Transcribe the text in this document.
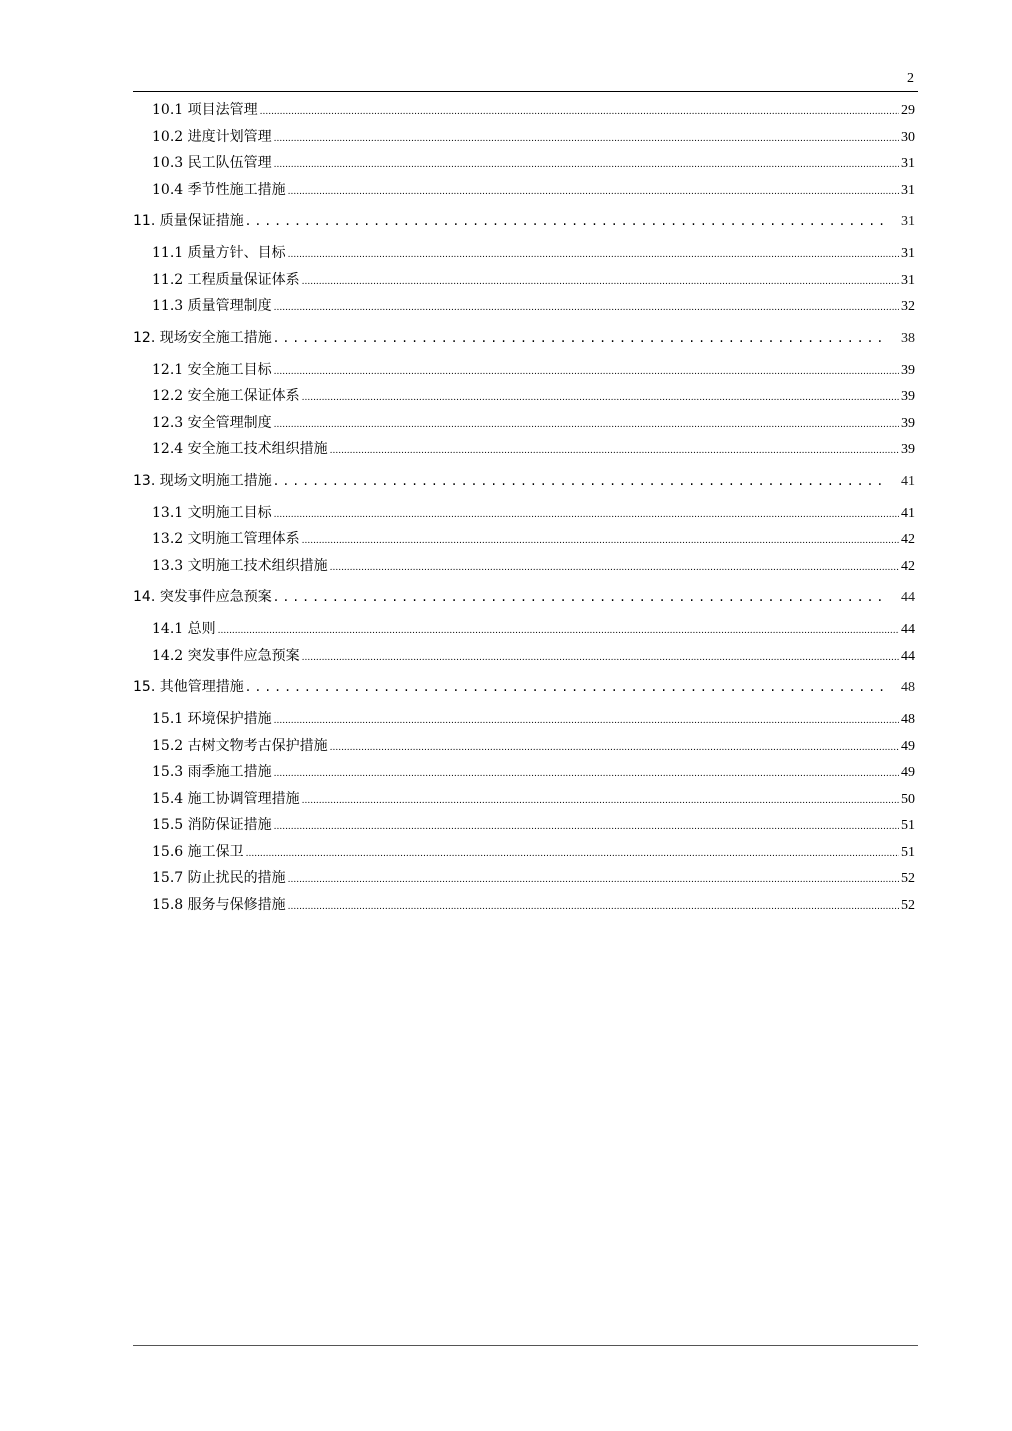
2
10.1 项目法管理 .....	29
10.2 进度计划管理 .....	30
10.3 民工队伍管理 .....	31
10.4 季节性施工措施 .....	31
11. 质量保证措施 . . .	31
11.1 质量方针、目标 .....	31
11.2 工程质量保证体系 .....	31
11.3 质量管理制度 .....	32
12. 现场安全施工措施 . . .	38
12.1 安全施工目标 .....	39
12.2 安全施工保证体系 .....	39
12.3 安全管理制度 .....	39
12.4 安全施工技术组织措施 .....	39
13. 现场文明施工措施 . . .	41
13.1 文明施工目标 .....	41
13.2 文明施工管理体系 .....	42
13.3 文明施工技术组织措施 .....	42
14. 突发事件应急预案 . . .	44
14.1 总则 .....	44
14.2 突发事件应急预案 .....	44
15. 其他管理措施 . . .	48
15.1 环境保护措施 .....	48
15.2 古树文物考古保护措施 .....	49
15.3 雨季施工措施 .....	49
15.4 施工协调管理措施 .....	50
15.5 消防保证措施 .....	51
15.6 施工保卫 .....	51
15.7 防止扰民的措施 .....	52
15.8 服务与保修措施 .....	52
